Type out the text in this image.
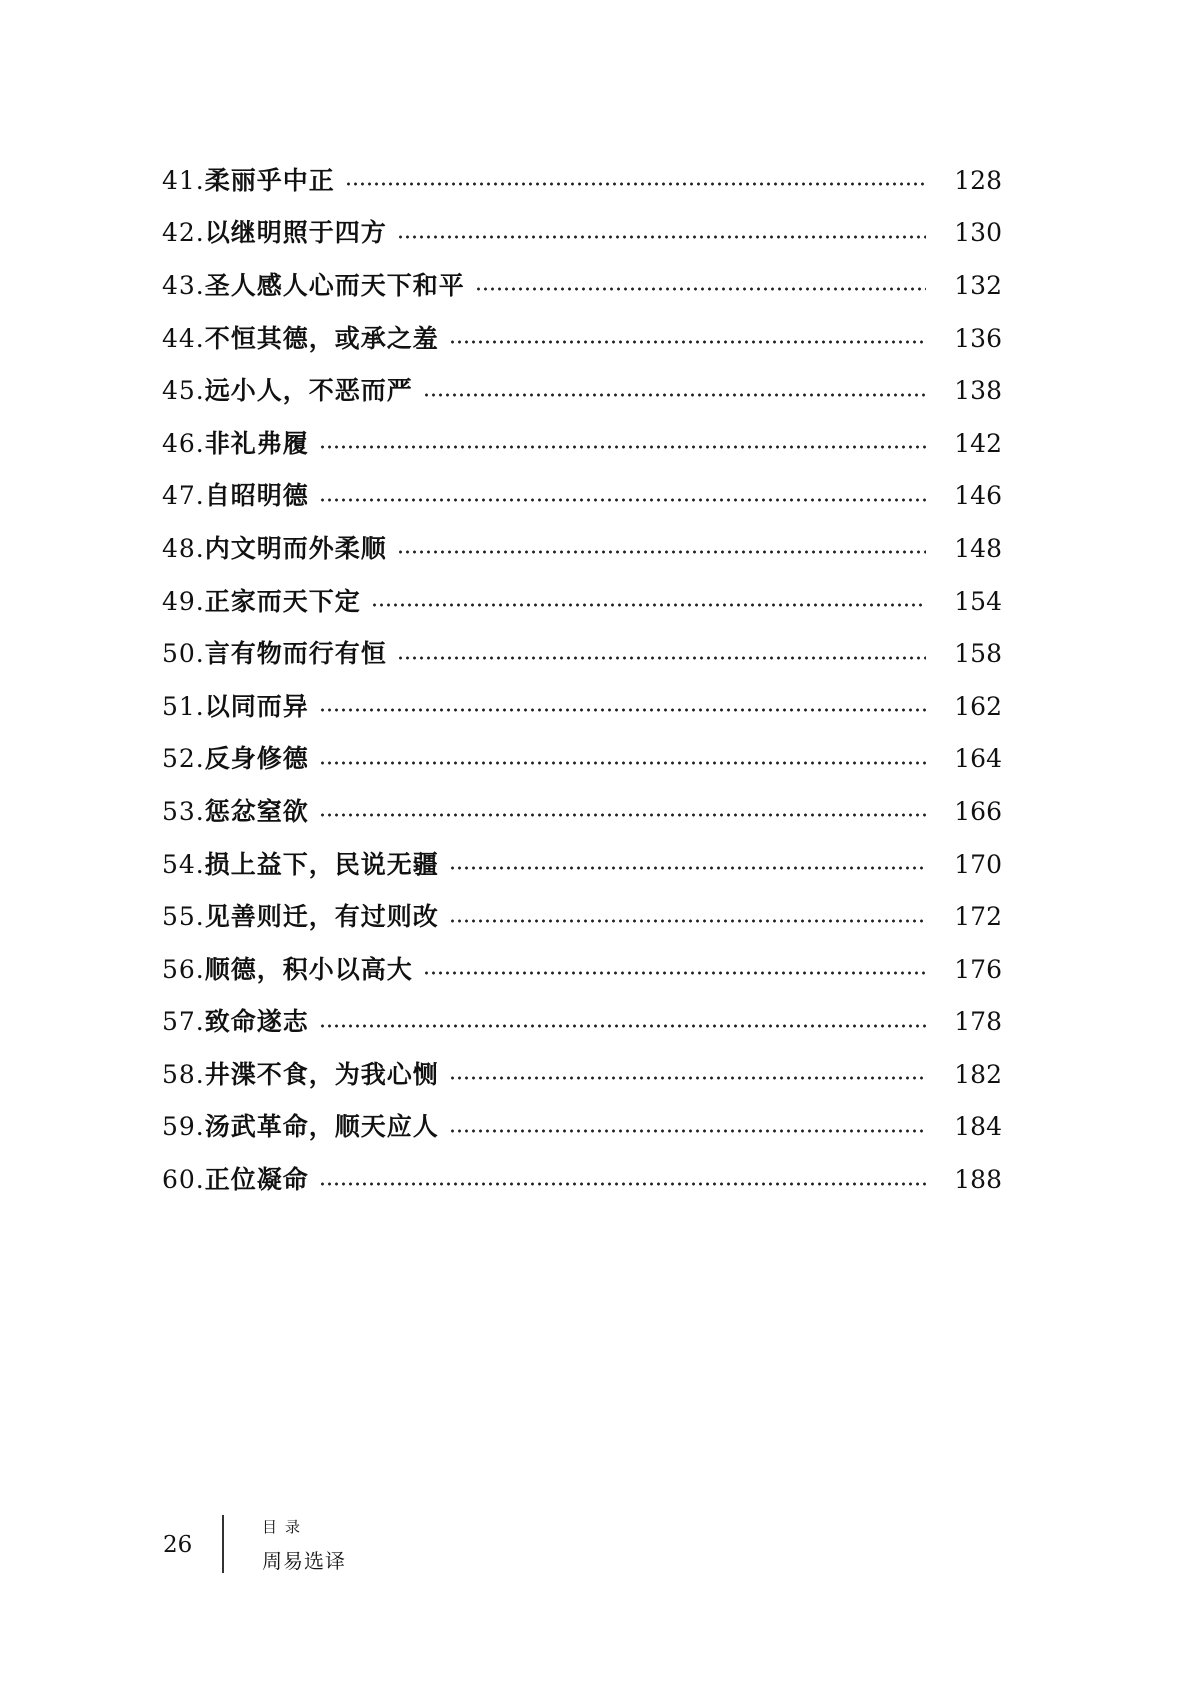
41. 柔丽乎中正	128
42. 以继明照于四方	130
43. 圣人感人心而天下和平	132
44. 不恒其德，或承之羞	136
45. 远小人，不恶而严	138
46. 非礼弗履	142
47. 自昭明德	146
48. 内文明而外柔顺	148
49. 正家而天下定	154
50. 言有物而行有恒	158
51. 以同而异	162
52. 反身修德	164
53. 惩忿窒欲	166
54. 损上益下，民说无疆	170
55. 见善则迁，有过则改	172
56. 顺德，积小以高大	176
57. 致命遂志	178
58. 井渫不食，为我心恻	182
59. 汤武革命，顺天应人	184
60. 正位凝命	188
26
目录
周易选译
